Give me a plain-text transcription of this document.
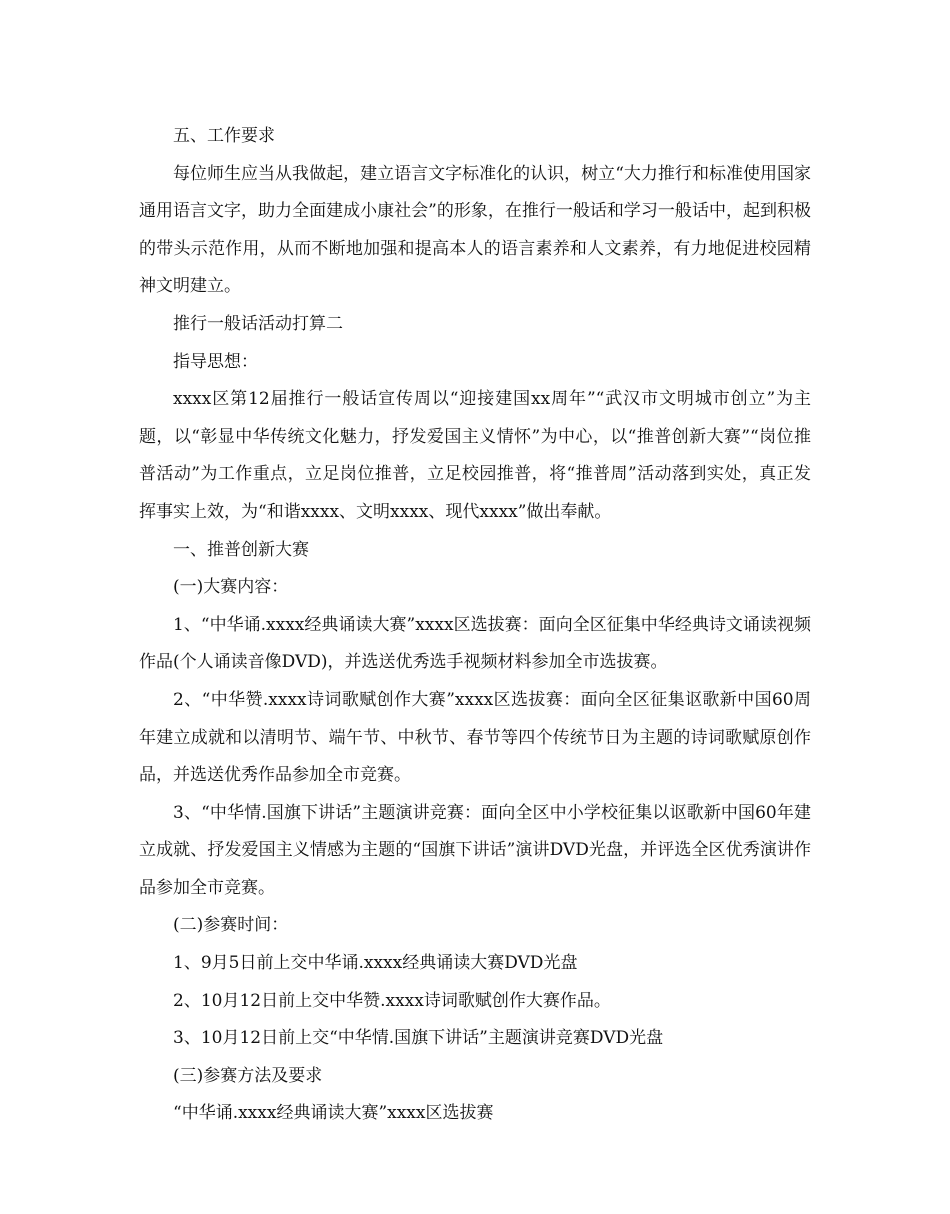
五、工作要求

每位师生应当从我做起，建立语言文字标准化的认识，树立“大力推行和标准使用国家通用语言文字，助力全面建成小康社会”的形象，在推行一般话和学习一般话中，起到积极的带头示范作用，从而不断地加强和提高本人的语言素养和人文素养，有力地促进校园精神文明建立。

推行一般话活动打算二

指导思想：

xxxx区第12届推行一般话宣传周以“迎接建国xx周年”“武汉市文明城市创立”为主题，以“彰显中华传统文化魅力，抒发爱国主义情怀”为中心，以“推普创新大赛”“岗位推普活动”为工作重点，立足岗位推普，立足校园推普，将“推普周”活动落到实处，真正发挥事实上效，为“和谐xxxx、文明xxxx、现代xxxx”做出奉献。

一、推普创新大赛

(一)大赛内容：

1、“中华诵.xxxx经典诵读大赛”xxxx区选拔赛：面向全区征集中华经典诗文诵读视频作品(个人诵读音像DVD)，并选送优秀选手视频材料参加全市选拔赛。

2、“中华赞.xxxx诗词歌赋创作大赛”xxxx区选拔赛：面向全区征集讴歌新中国60周年建立成就和以清明节、端午节、中秋节、春节等四个传统节日为主题的诗词歌赋原创作品，并选送优秀作品参加全市竞赛。

3、“中华情.国旗下讲话”主题演讲竞赛：面向全区中小学校征集以讴歌新中国60年建立成就、抒发爱国主义情感为主题的“国旗下讲话”演讲DVD光盘，并评选全区优秀演讲作品参加全市竞赛。

(二)参赛时间：

1、9月5日前上交中华诵.xxxx经典诵读大赛DVD光盘

2、10月12日前上交中华赞.xxxx诗词歌赋创作大赛作品。

3、10月12日前上交“中华情.国旗下讲话”主题演讲竞赛DVD光盘

(三)参赛方法及要求

“中华诵.xxxx经典诵读大赛”xxxx区选拔赛
